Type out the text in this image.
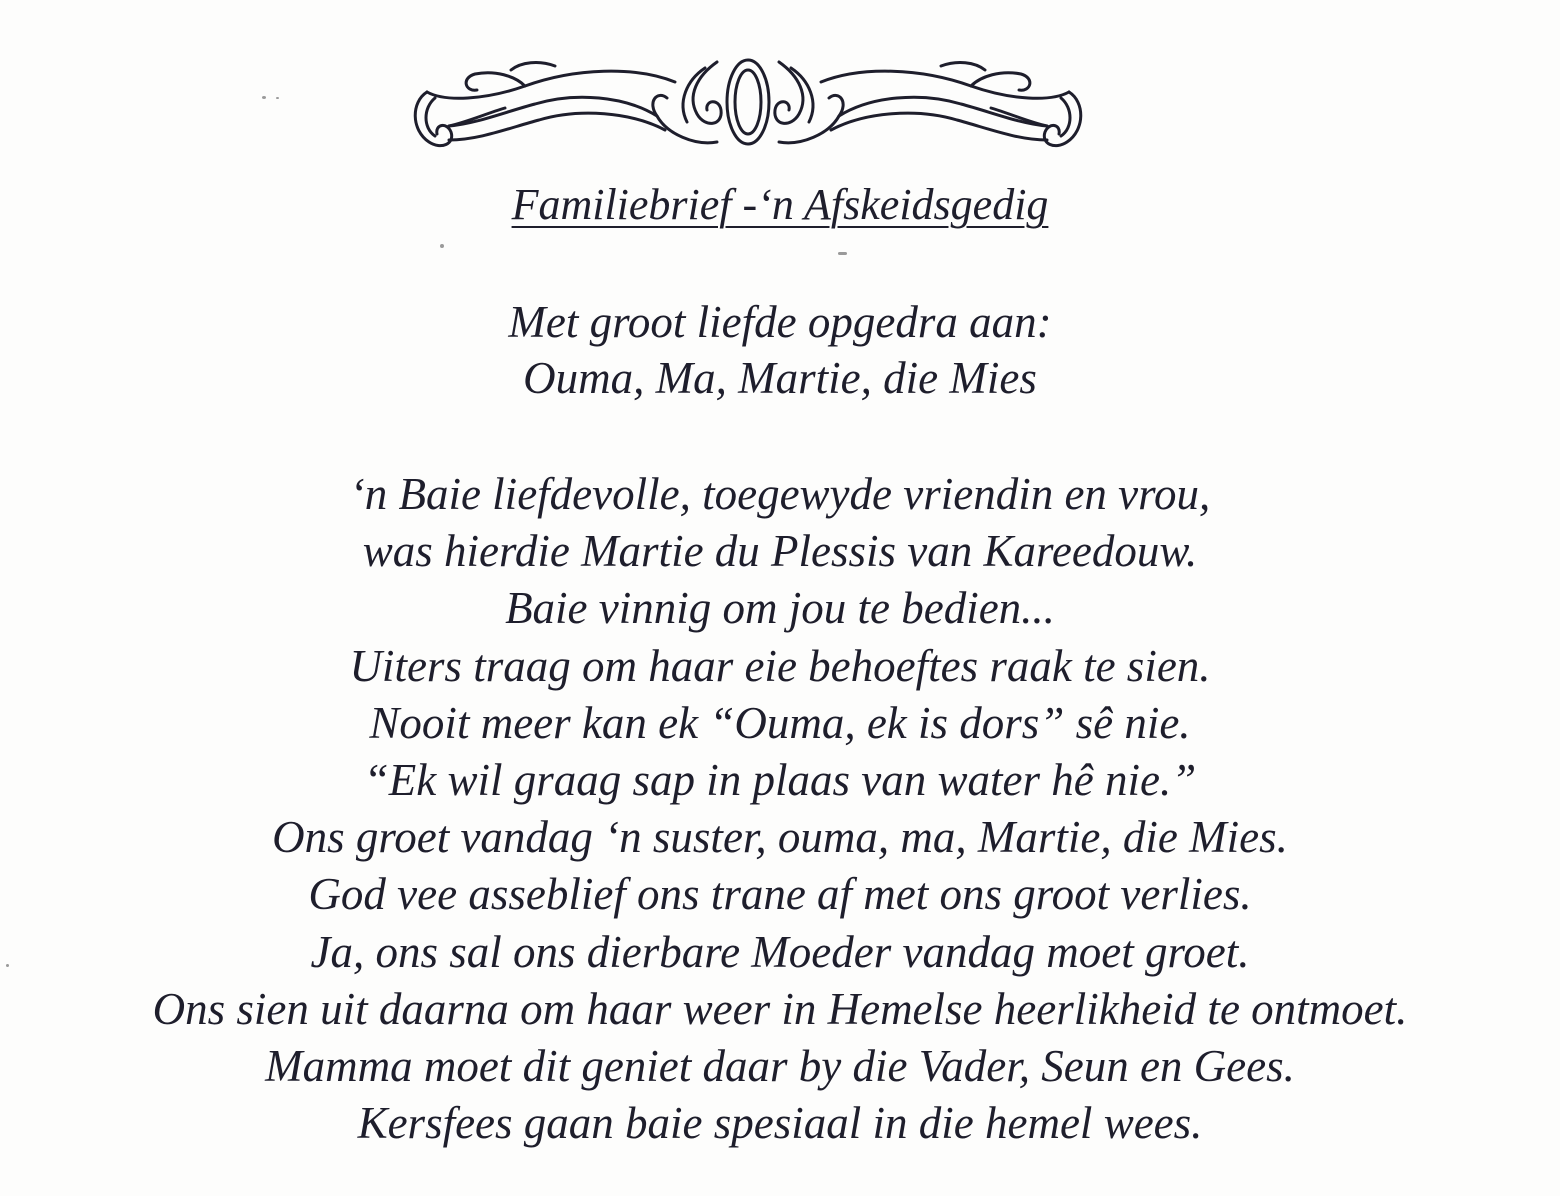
Familiebrief -‘n Afskeidsgedig
Met groot liefde opgedra aan:
Ouma, Ma, Martie, die Mies
‘n Baie liefdevolle, toegewyde vriendin en vrou,
was hierdie Martie du Plessis van Kareedouw.
Baie vinnig om jou te bedien...
Uiters traag om haar eie behoeftes raak te sien.
Nooit meer kan ek “Ouma, ek is dors” sê nie.
“Ek wil graag sap in plaas van water hê nie.”
Ons groet vandag ‘n suster, ouma, ma, Martie, die Mies.
God vee asseblief ons trane af met ons groot verlies.
Ja, ons sal ons dierbare Moeder vandag moet groet.
Ons sien uit daarna om haar weer in Hemelse heerlikheid te ontmoet.
Mamma moet dit geniet daar by die Vader, Seun en Gees.
Kersfees gaan baie spesiaal in die hemel wees.
